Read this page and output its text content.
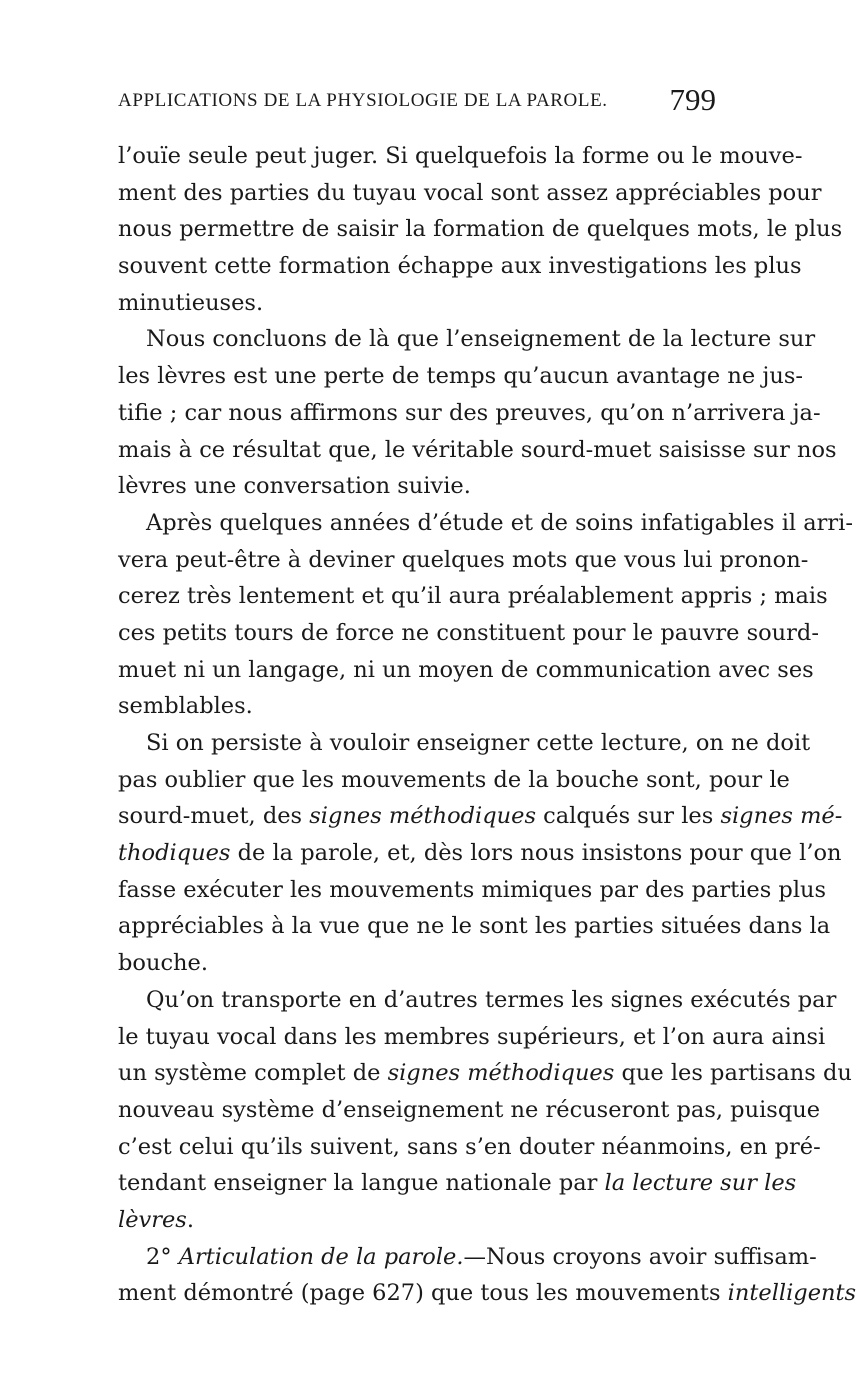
APPLICATIONS DE LA PHYSIOLOGIE DE LA PAROLE. 799
l’ouïe seule peut juger. Si quelquefois la forme ou le mouve-
ment des parties du tuyau vocal sont assez appréciables pour
nous permettre de saisir la formation de quelques mots, le plus
souvent cette formation échappe aux investigations les plus
minutieuses.
Nous concluons de là que l’enseignement de la lecture sur
les lèvres est une perte de temps qu’aucun avantage ne jus-
tifie ; car nous affirmons sur des preuves, qu’on n’arrivera ja-
mais à ce résultat que, le véritable sourd-muet saisisse sur nos
lèvres une conversation suivie.
Après quelques années d’étude et de soins infatigables il arri-
vera peut-être à deviner quelques mots que vous lui pronon-
cerez très lentement et qu’il aura préalablement appris ; mais
ces petits tours de force ne constituent pour le pauvre sourd-
muet ni un langage, ni un moyen de communication avec ses
semblables.
Si on persiste à vouloir enseigner cette lecture, on ne doit
pas oublier que les mouvements de la bouche sont, pour le
sourd-muet, des signes méthodiques calqués sur les signes mé-
thodiques de la parole, et, dès lors nous insistons pour que l’on
fasse exécuter les mouvements mimiques par des parties plus
appréciables à la vue que ne le sont les parties situées dans la
bouche.
Qu’on transporte en d’autres termes les signes exécutés par
le tuyau vocal dans les membres supérieurs, et l’on aura ainsi
un système complet de signes méthodiques que les partisans du
nouveau système d’enseignement ne récuseront pas, puisque
c’est celui qu’ils suivent, sans s’en douter néanmoins, en pré-
tendant enseigner la langue nationale par la lecture sur les
lèvres.
2° Articulation de la parole.—Nous croyons avoir suffisam-
ment démontré (page 627) que tous les mouvements intelligents
